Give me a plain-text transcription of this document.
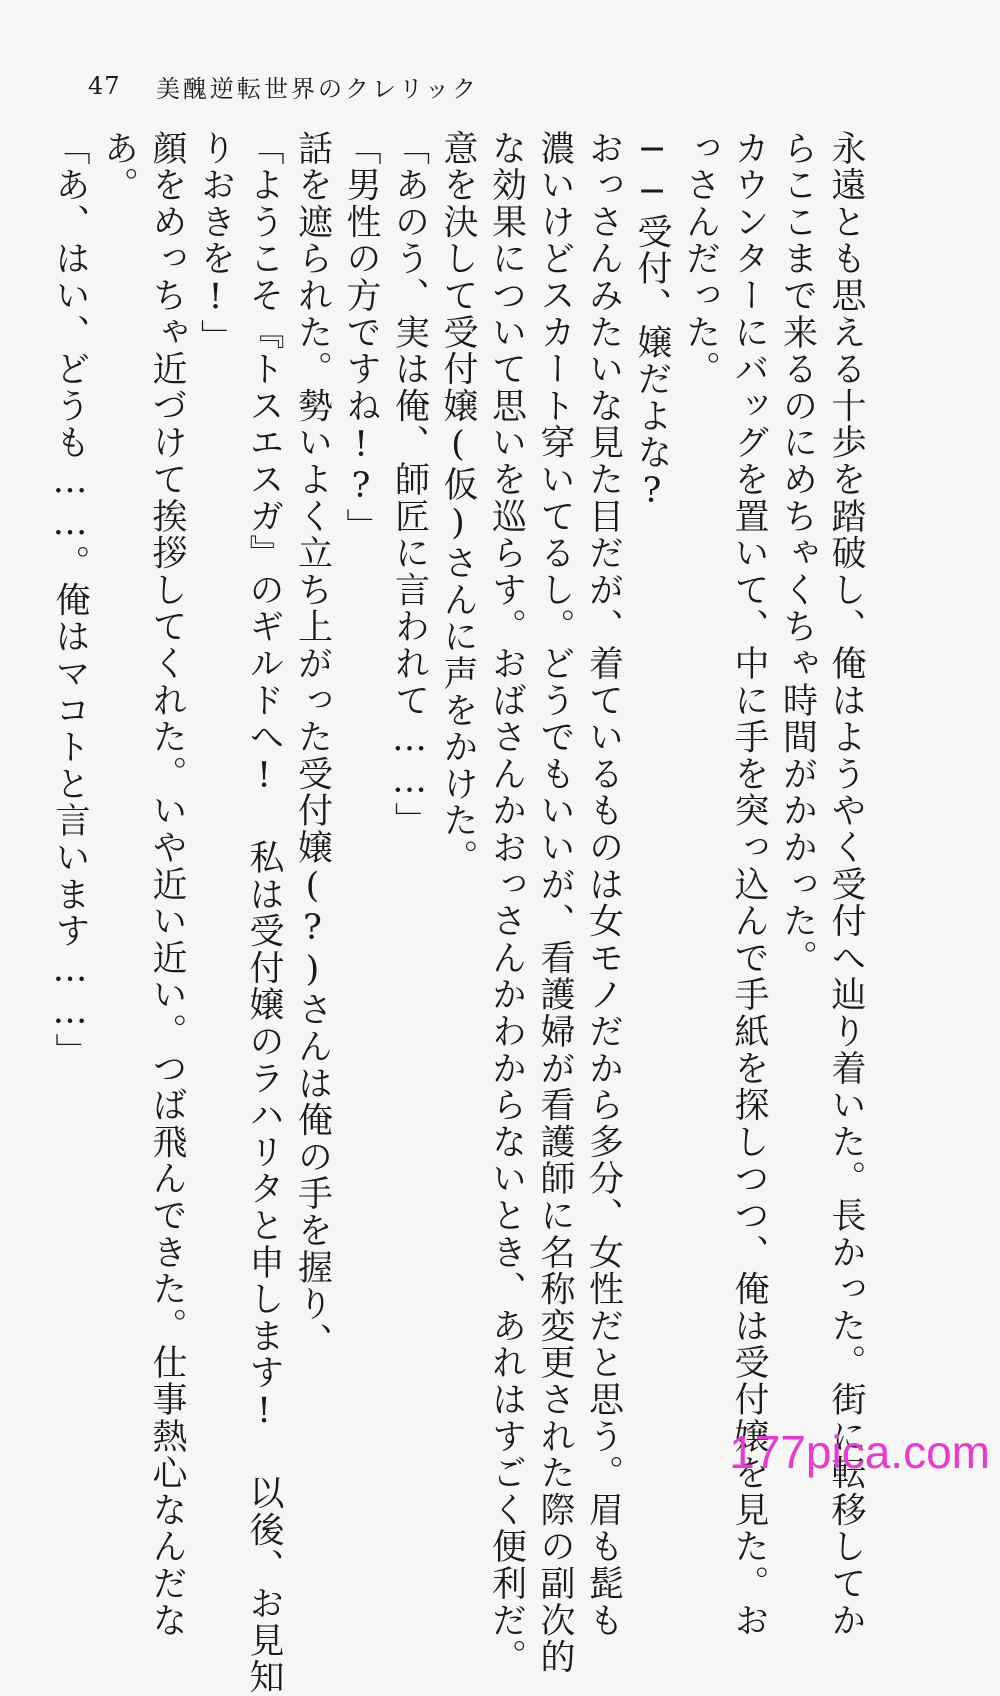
47	美醜逆転世界のクレリック
永遠とも思える十歩を踏破し、俺はようやく受付へ辿り着いた。長かった。街に転移してか
らここまで来るのにめちゃくちゃ時間がかかった。
カウンターにバッグを置いて、中に手を突っ込んで手紙を探しつつ、俺は受付嬢を見た。お
っさんだった。
──受付、嬢だよな?
おっさんみたいな見た目だが、着ているものは女モノだから多分、女性だと思う。眉も髭も
濃いけどスカート穿いてるし。どうでもいいが、看護婦が看護師に名称変更された際の副次的
な効果について思いを巡らす。おばさんかおっさんかわからないとき、あれはすごく便利だ。
意を決して受付嬢(仮)さんに声をかけた。
「あのう、実は俺、師匠に言われて……」
「男性の方ですね!?」
話を遮られた。勢いよく立ち上がった受付嬢(?)さんは俺の手を握り、
「ようこそ『トスエスガ』のギルドへ! 私は受付嬢のラハリタと申します! 以後、お見知
りおきを!」
顔をめっちゃ近づけて挨拶してくれた。いや近い近い。つば飛んできた。仕事熱心なんだな
あ。
「あ、はい、どうも……。俺はマコトと言います……」
177pica.com
